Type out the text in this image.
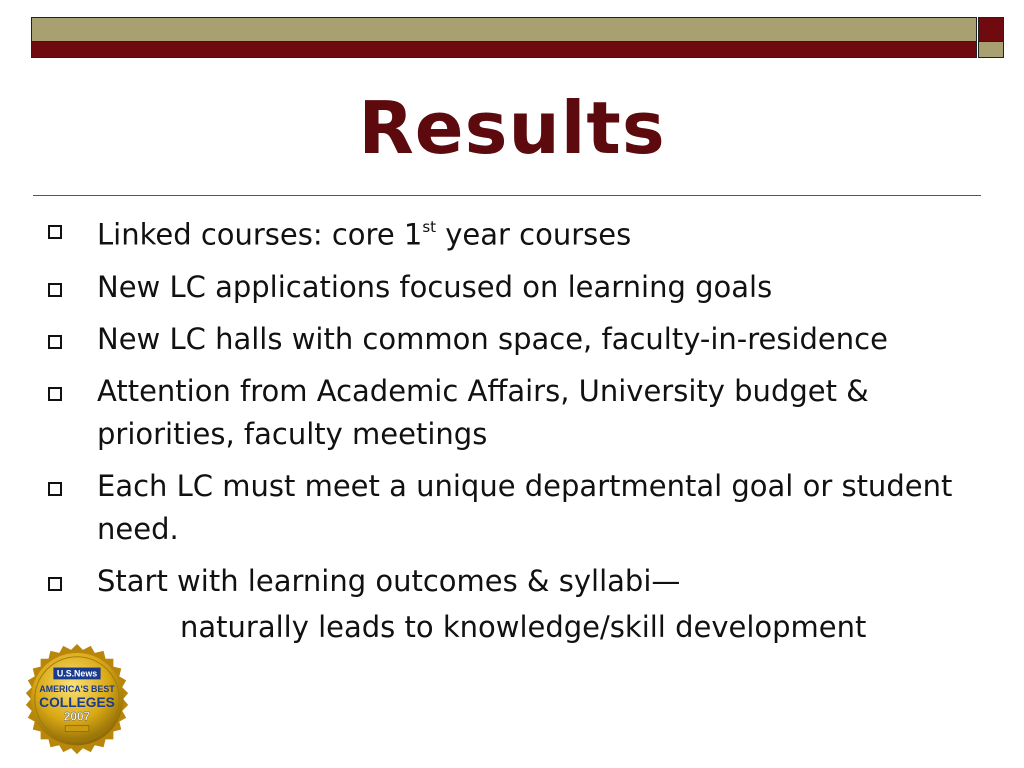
Results
Linked courses: core 1st year courses
New LC applications focused on learning goals
New LC halls with common space, faculty-in-residence
Attention from Academic Affairs, University budget & priorities, faculty meetings
Each LC must meet a unique departmental goal or student need.
Start with learning outcomes & syllabi—
naturally leads to knowledge/skill development
U.S.News
AMERICA'S BEST
COLLEGES
2007
